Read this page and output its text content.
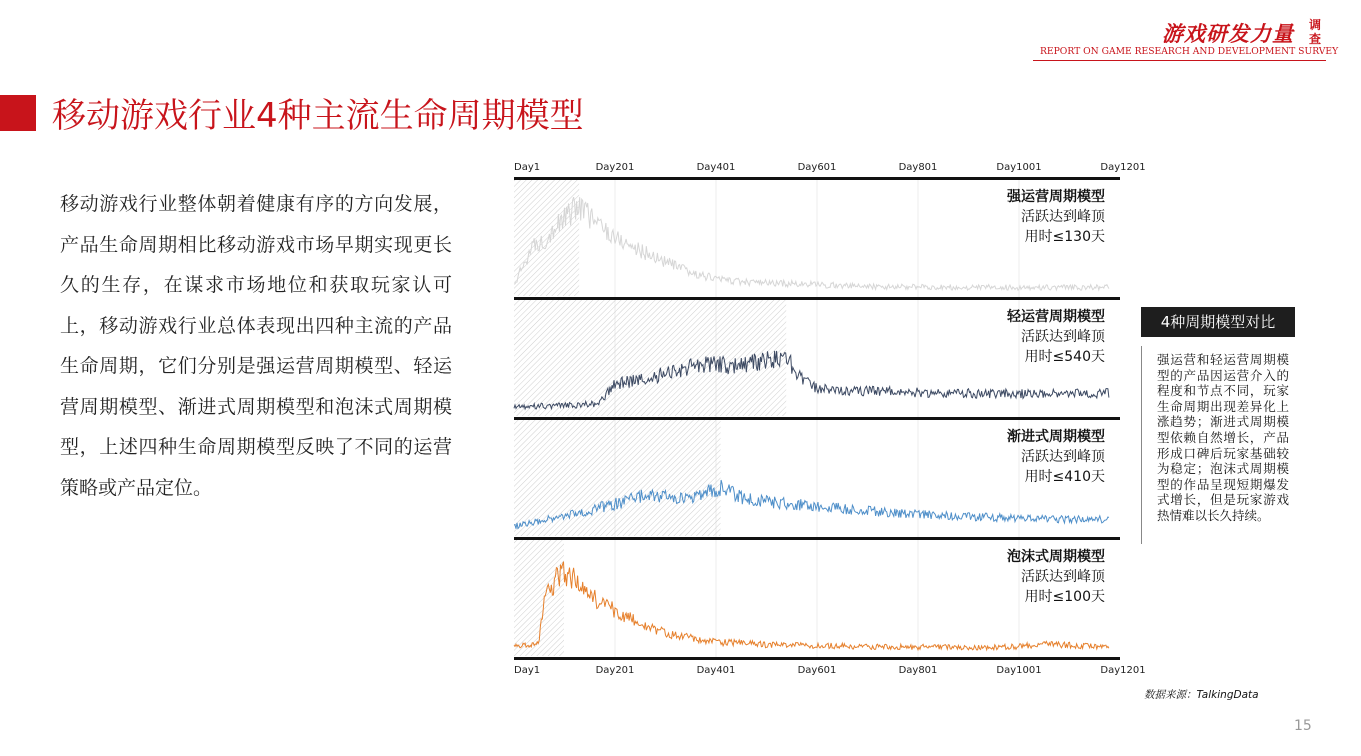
游戏研发力量 调查
REPORT ON GAME RESEARCH AND DEVELOPMENT SURVEY
移动游戏行业4种主流生命周期模型
移动游戏行业整体朝着健康有序的方向发展，产品生命周期相比移动游戏市场早期实现更长久的生存，在谋求市场地位和获取玩家认可上，移动游戏行业总体表现出四种主流的产品生命周期，它们分别是强运营周期模型、轻运营周期模型、渐进式周期模型和泡沫式周期模型，上述四种生命周期模型反映了不同的运营策略或产品定位。
Day1
Day1
Day201
Day201
Day401
Day401
Day601
Day601
Day801
Day801
Day1001
Day1001
Day1201
Day1201
强运营周期模型
活跃达到峰顶
用时≤130天
轻运营周期模型
活跃达到峰顶
用时≤540天
渐进式周期模型
活跃达到峰顶
用时≤410天
泡沫式周期模型
活跃达到峰顶
用时≤100天
4种周期模型对比
强运营和轻运营周期模型的产品因运营介入的程度和节点不同，玩家生命周期出现差异化上涨趋势；渐进式周期模型依赖自然增长，产品形成口碑后玩家基础较为稳定；泡沫式周期模型的作品呈现短期爆发式增长，但是玩家游戏热情难以长久持续。
数据来源：TalkingData
15
